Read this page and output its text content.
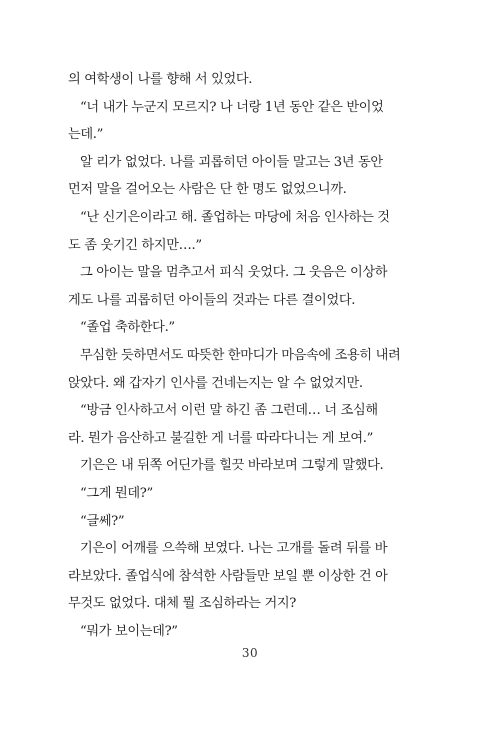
의 여학생이 나를 향해 서 있었다.

“너 내가 누군지 모르지? 나 너랑 1년 동안 같은 반이었

는데.”

알 리가 없었다. 나를 괴롭히던 아이들 말고는 3년 동안

먼저 말을 걸어오는 사람은 단 한 명도 없었으니까.

“난 신기은이라고 해. 졸업하는 마당에 처음 인사하는 것

도 좀 웃기긴 하지만….”

그 아이는 말을 멈추고서 피식 웃었다. 그 웃음은 이상하

게도 나를 괴롭히던 아이들의 것과는 다른 결이었다.

“졸업 축하한다.”

무심한 듯하면서도 따뜻한 한마디가 마음속에 조용히 내려

앉았다. 왜 갑자기 인사를 건네는지는 알 수 없었지만.

“방금 인사하고서 이런 말 하긴 좀 그런데… 너 조심해

라. 뭔가 음산하고 불길한 게 너를 따라다니는 게 보여.”

기은은 내 뒤쪽 어딘가를 힐끗 바라보며 그렇게 말했다.

“그게 뭔데?”

“글쎄?”

기은이 어깨를 으쓱해 보였다. 나는 고개를 돌려 뒤를 바

라보았다. 졸업식에 참석한 사람들만 보일 뿐 이상한 건 아

무것도 없었다. 대체 뭘 조심하라는 거지?

“뭐가 보이는데?”

30
